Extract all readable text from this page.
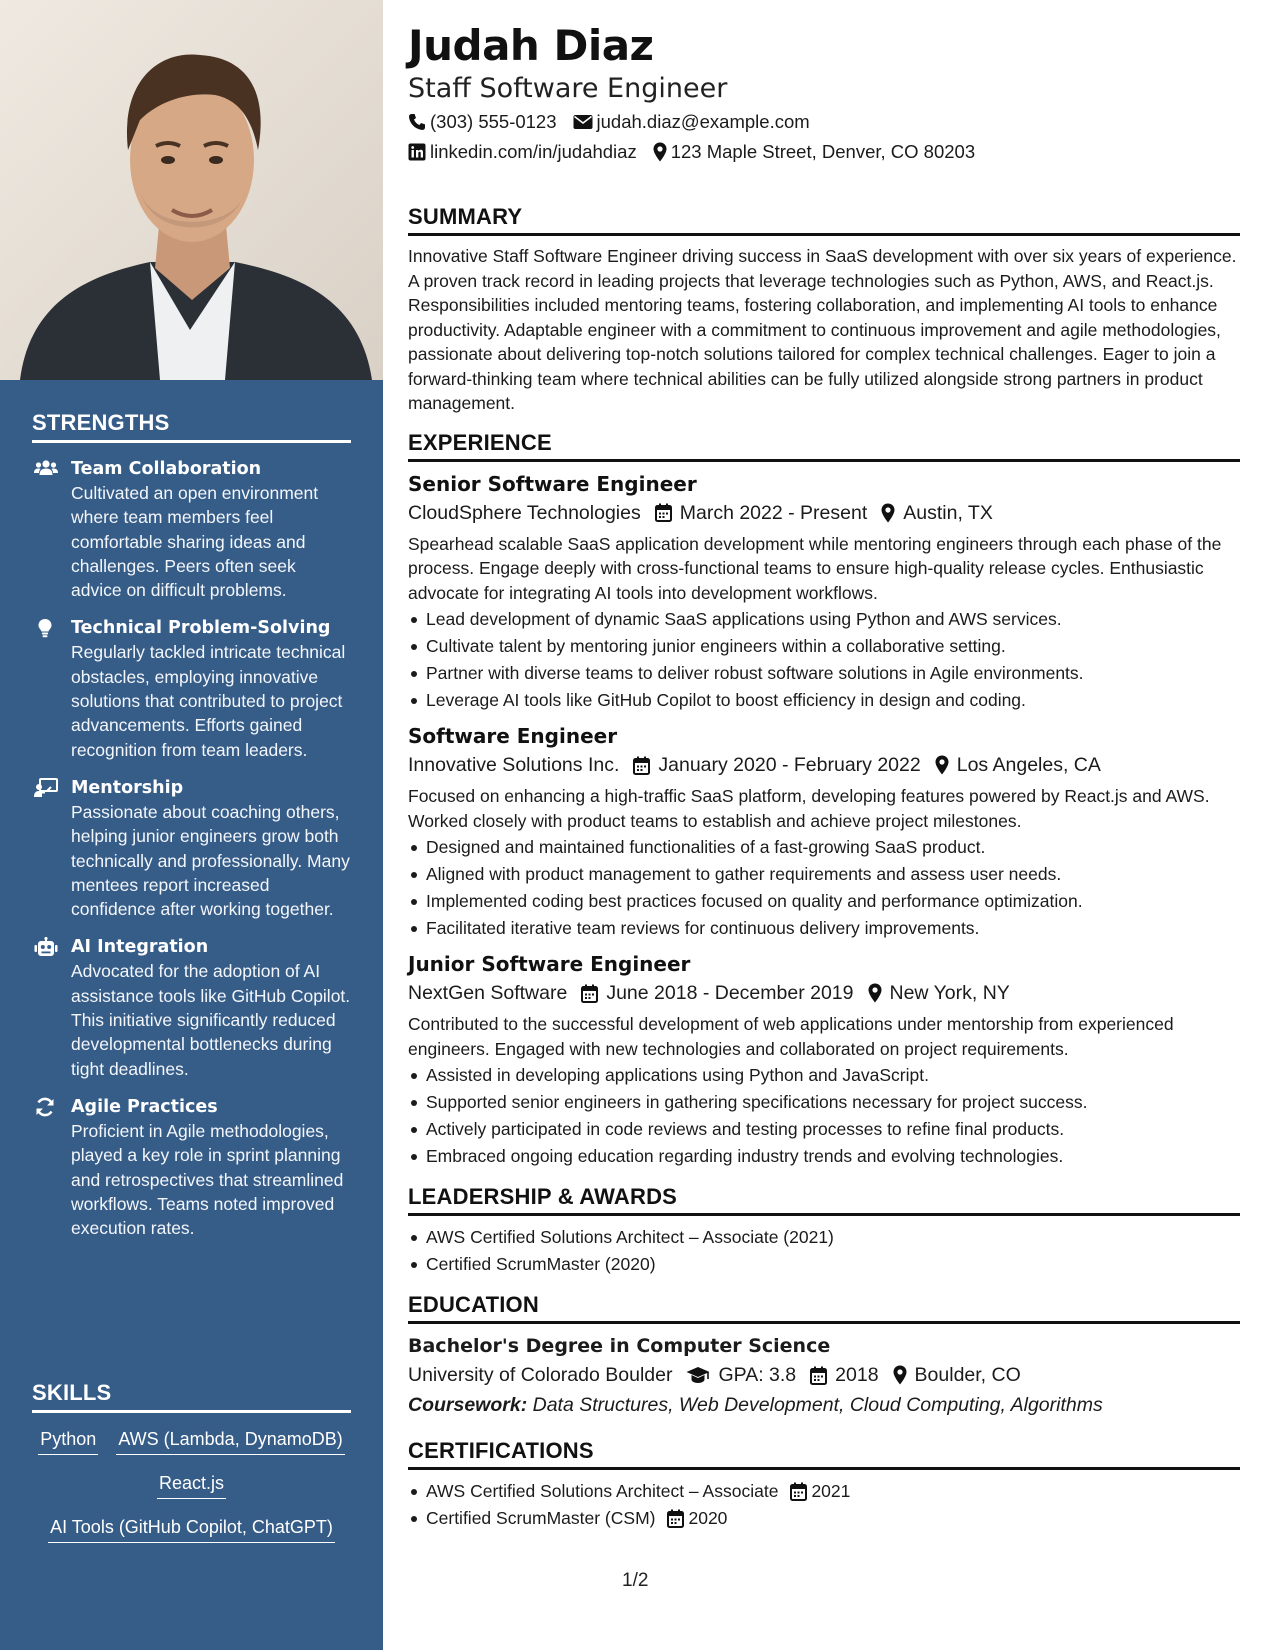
STRENGTHS
Team Collaboration
Cultivated an open environment where team members feel comfortable sharing ideas and challenges. Peers often seek advice on difficult problems.
Technical Problem-Solving
Regularly tackled intricate technical obstacles, employing innovative solutions that contributed to project advancements. Efforts gained recognition from team leaders.
Mentorship
Passionate about coaching others, helping junior engineers grow both technically and professionally. Many mentees report increased confidence after working together.
AI Integration
Advocated for the adoption of AI assistance tools like GitHub Copilot. This initiative significantly reduced developmental bottlenecks during tight deadlines.
Agile Practices
Proficient in Agile methodologies, played a key role in sprint planning and retrospectives that streamlined workflows. Teams noted improved execution rates.
SKILLS
Python AWS (Lambda, DynamoDB)
React.js
AI Tools (GitHub Copilot, ChatGPT)
Judah Diaz
Staff Software Engineer
(303) 555-0123 judah.diaz@example.com
linkedin.com/in/judahdiaz 123 Maple Street, Denver, CO 80203
SUMMARY
Innovative Staff Software Engineer driving success in SaaS development with over six years of experience. A proven track record in leading projects that leverage technologies such as Python, AWS, and React.js. Responsibilities included mentoring teams, fostering collaboration, and implementing AI tools to enhance productivity. Adaptable engineer with a commitment to continuous improvement and agile methodologies, passionate about delivering top-notch solutions tailored for complex technical challenges. Eager to join a forward-thinking team where technical abilities can be fully utilized alongside strong partners in product management.
EXPERIENCE
Senior Software Engineer
CloudSphere Technologies March 2022 - Present Austin, TX
Spearhead scalable SaaS application development while mentoring engineers through each phase of the process. Engage deeply with cross-functional teams to ensure high-quality release cycles. Enthusiastic advocate for integrating AI tools into development workflows.
Lead development of dynamic SaaS applications using Python and AWS services.
Cultivate talent by mentoring junior engineers within a collaborative setting.
Partner with diverse teams to deliver robust software solutions in Agile environments.
Leverage AI tools like GitHub Copilot to boost efficiency in design and coding.
Software Engineer
Innovative Solutions Inc. January 2020 - February 2022 Los Angeles, CA
Focused on enhancing a high-traffic SaaS platform, developing features powered by React.js and AWS. Worked closely with product teams to establish and achieve project milestones.
Designed and maintained functionalities of a fast-growing SaaS product.
Aligned with product management to gather requirements and assess user needs.
Implemented coding best practices focused on quality and performance optimization.
Facilitated iterative team reviews for continuous delivery improvements.
Junior Software Engineer
NextGen Software June 2018 - December 2019 New York, NY
Contributed to the successful development of web applications under mentorship from experienced engineers. Engaged with new technologies and collaborated on project requirements.
Assisted in developing applications using Python and JavaScript.
Supported senior engineers in gathering specifications necessary for project success.
Actively participated in code reviews and testing processes to refine final products.
Embraced ongoing education regarding industry trends and evolving technologies.
LEADERSHIP & AWARDS
AWS Certified Solutions Architect – Associate (2021)
Certified ScrumMaster (2020)
EDUCATION
Bachelor's Degree in Computer Science
University of Colorado Boulder GPA: 3.8 2018 Boulder, CO
Coursework: Data Structures, Web Development, Cloud Computing, Algorithms
CERTIFICATIONS
AWS Certified Solutions Architect – Associate 2021
Certified ScrumMaster (CSM) 2020
1/2
